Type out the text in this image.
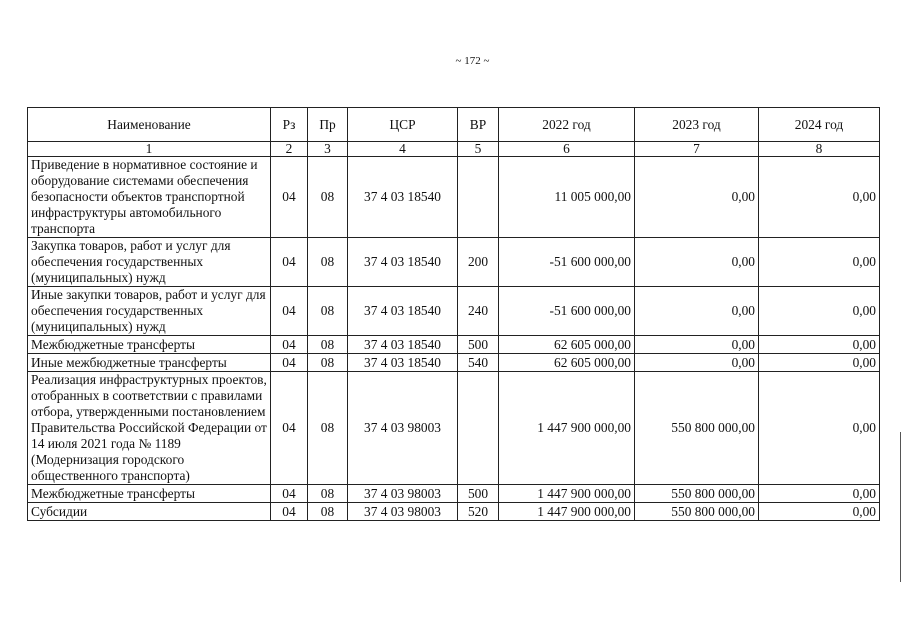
~ 172 ~
Наименование	Рз	Пр	ЦСР	ВР	2022 год	2023 год	2024 год
1	2	3	4	5	6	7	8
Приведение в нормативное состояние и оборудование системами обеспечения безопасности объектов транспортной инфраструктуры автомобильного транспорта	04	08	37 4 03 18540		11 005 000,00	0,00	0,00
Закупка товаров, работ и услуг для обеспечения государственных (муниципальных) нужд	04	08	37 4 03 18540	200	-51 600 000,00	0,00	0,00
Иные закупки товаров, работ и услуг для обеспечения государственных (муниципальных) нужд	04	08	37 4 03 18540	240	-51 600 000,00	0,00	0,00
Межбюджетные трансферты	04	08	37 4 03 18540	500	62 605 000,00	0,00	0,00
Иные межбюджетные трансферты	04	08	37 4 03 18540	540	62 605 000,00	0,00	0,00
Реализация инфраструктурных проектов, отобранных в соответствии с правилами отбора, утвержденными постановлением Правительства Российской Федерации от 14 июля 2021 года № 1189 (Модернизация городского общественного транспорта)	04	08	37 4 03 98003		1 447 900 000,00	550 800 000,00	0,00
Межбюджетные трансферты	04	08	37 4 03 98003	500	1 447 900 000,00	550 800 000,00	0,00
Субсидии	04	08	37 4 03 98003	520	1 447 900 000,00	550 800 000,00	0,00
